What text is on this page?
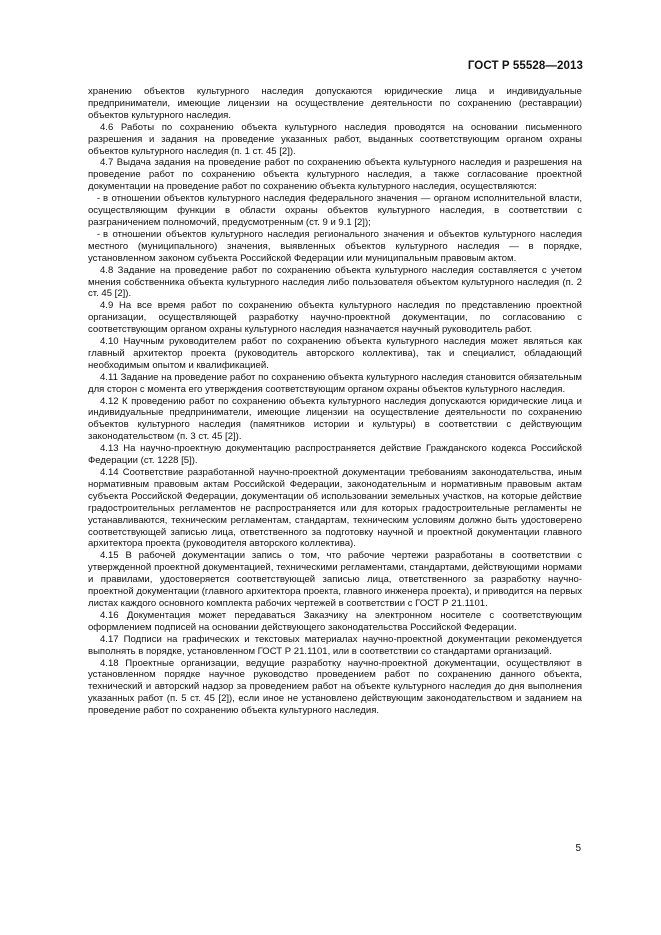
ГОСТ Р 55528—2013

хранению объектов культурного наследия допускаются юридические лица и индивидуальные предприниматели, имеющие лицензии на осуществление деятельности по сохранению (реставрации) объектов культурного наследия.

4.6 Работы по сохранению объекта культурного наследия проводятся на основании письменного разрешения и задания на проведение указанных работ, выданных соответствующим органом охраны объектов культурного наследия (п. 1 ст. 45 [2]).

4.7 Выдача задания на проведение работ по сохранению объекта культурного наследия и разрешения на проведение работ по сохранению объекта культурного наследия, а также согласование проектной документации на проведение работ по сохранению объекта культурного наследия, осуществляются:

- в отношении объектов культурного наследия федерального значения — органом исполнительной власти, осуществляющим функции в области охраны объектов культурного наследия, в соответствии с разграничением полномочий, предусмотренным (ст. 9 и 9.1 [2]);

- в отношении объектов культурного наследия регионального значения и объектов культурного наследия местного (муниципального) значения, выявленных объектов культурного наследия — в порядке, установленном законом субъекта Российской Федерации или муниципальным правовым актом.

4.8 Задание на проведение работ по сохранению объекта культурного наследия составляется с учетом мнения собственника объекта культурного наследия либо пользователя объектом культурного наследия (п. 2 ст. 45 [2]).

4.9 На все время работ по сохранению объекта культурного наследия по представлению проектной организации, осуществляющей разработку научно-проектной документации, по согласованию с соответствующим органом охраны культурного наследия назначается научный руководитель работ.

4.10 Научным руководителем работ по сохранению объекта культурного наследия может являться как главный архитектор проекта (руководитель авторского коллектива), так и специалист, обладающий необходимым опытом и квалификацией.

4.11 Задание на проведение работ по сохранению объекта культурного наследия становится обязательным для сторон с момента его утверждения соответствующим органом охраны объектов культурного наследия.

4.12 К проведению работ по сохранению объекта культурного наследия допускаются юридические лица и индивидуальные предприниматели, имеющие лицензии на осуществление деятельности по сохранению объектов культурного наследия (памятников истории и культуры) в соответствии с действующим законодательством (п. 3 ст. 45 [2]).

4.13 На научно-проектную документацию распространяется действие Гражданского кодекса Российской Федерации (ст. 1228 [5]).

4.14 Соответствие разработанной научно-проектной документации требованиям законодательства, иным нормативным правовым актам Российской Федерации, законодательным и нормативным правовым актам субъекта Российской Федерации, документации об использовании земельных участков, на которые действие градостроительных регламентов не распространяется или для которых градостроительные регламенты не устанавливаются, техническим регламентам, стандартам, техническим условиям должно быть удостоверено соответствующей записью лица, ответственного за подготовку научной и проектной документации главного архитектора проекта (руководителя авторского коллектива).

4.15 В рабочей документации запись о том, что рабочие чертежи разработаны в соответствии с утвержденной проектной документацией, техническими регламентами, стандартами, действующими нормами и правилами, удостоверяется соответствующей записью лица, ответственного за разработку научно-проектной документации (главного архитектора проекта, главного инженера проекта), и приводится на первых листах каждого основного комплекта рабочих чертежей в соответствии с ГОСТ Р 21.1101.

4.16 Документация может передаваться Заказчику на электронном носителе с соответствующим оформлением подписей на основании действующего законодательства Российской Федерации.

4.17 Подписи на графических и текстовых материалах научно-проектной документации рекомендуется выполнять в порядке, установленном ГОСТ Р 21.1101, или в соответствии со стандартами организаций.

4.18 Проектные организации, ведущие разработку научно-проектной документации, осуществляют в установленном порядке научное руководство проведением работ по сохранению данного объекта, технический и авторский надзор за проведением работ на объекте культурного наследия до дня выполнения указанных работ (п. 5 ст. 45 [2]), если иное не установлено действующим законодательством и заданием на проведение работ по сохранению объекта культурного наследия.

5
